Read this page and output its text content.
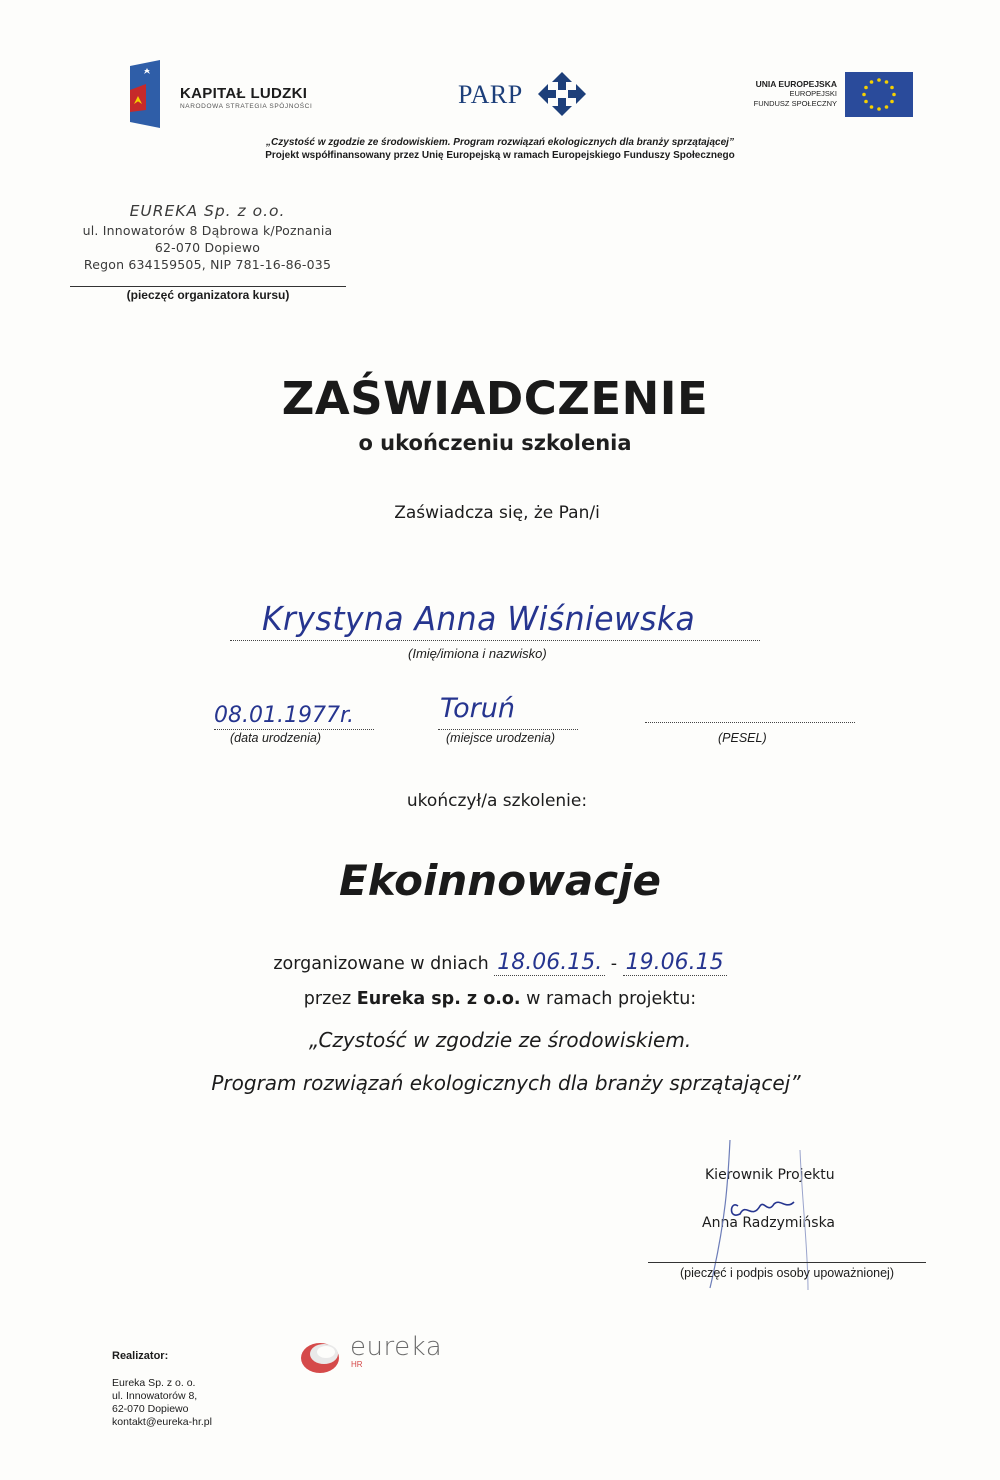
KAPITAŁ LUDZKI
NARODOWA STRATEGIA SPÓJNOŚCI	PARP	UNIA EUROPEJSKA
EUROPEJSKI
FUNDUSZ SPOŁECZNY
„Czystość w zgodzie ze środowiskiem. Program rozwiązań ekologicznych dla branży sprzątającej”
Projekt współfinansowany przez Unię Europejską w ramach Europejskiego Funduszy Społecznego
EUREKA Sp. z o.o.
ul. Innowatorów 8 Dąbrowa k/Poznania
62-070 Dopiewo
Regon 634159505, NIP 781-16-86-035
(pieczęć organizatora kursu)
ZAŚWIADCZENIE
o ukończeniu szkolenia
Zaświadcza się, że Pan/i
Krystyna Anna Wiśniewska
(Imię/imiona i nazwisko)
08.01.1977r.
(data urodzenia)
Toruń
(miejsce urodzenia)	(PESEL)
ukończył/a szkolenie:
Ekoinnowacje
zorganizowane w dniach 18.06.15. - 19.06.15
przez Eureka sp. z o.o. w ramach projektu:
„Czystość w zgodzie ze środowiskiem.
Program rozwiązań ekologicznych dla branży sprzątającej”
Kierownik Projektu
Anna Radzymińska
(pieczęć i podpis osoby upoważnionej)
Realizator:
Eureka Sp. z o. o.
ul. Innowatorów 8,
62-070 Dopiewo
kontakt@eureka-hr.pl
eureka
HR
